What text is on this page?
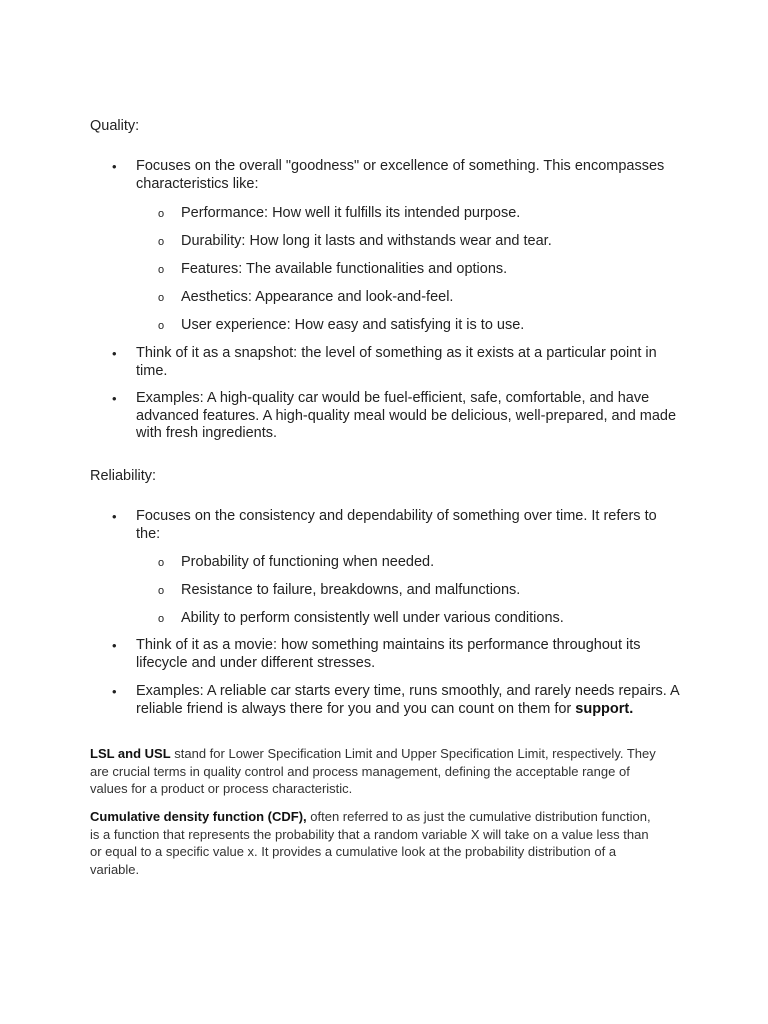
Quality:
• Focuses on the overall "goodness" or excellence of something. This encompasses characteristics like:
o Performance: How well it fulfills its intended purpose.
o Durability: How long it lasts and withstands wear and tear.
o Features: The available functionalities and options.
o Aesthetics: Appearance and look-and-feel.
o User experience: How easy and satisfying it is to use.
• Think of it as a snapshot: the level of something as it exists at a particular point in time.
• Examples: A high-quality car would be fuel-efficient, safe, comfortable, and have advanced features. A high-quality meal would be delicious, well-prepared, and made with fresh ingredients.
Reliability:
• Focuses on the consistency and dependability of something over time. It refers to the:
o Probability of functioning when needed.
o Resistance to failure, breakdowns, and malfunctions.
o Ability to perform consistently well under various conditions.
• Think of it as a movie: how something maintains its performance throughout its lifecycle and under different stresses.
• Examples: A reliable car starts every time, runs smoothly, and rarely needs repairs. A reliable friend is always there for you and you can count on them for support.
LSL and USL stand for Lower Specification Limit and Upper Specification Limit, respectively. They are crucial terms in quality control and process management, defining the acceptable range of values for a product or process characteristic.
Cumulative density function (CDF), often referred to as just the cumulative distribution function, is a function that represents the probability that a random variable X will take on a value less than or equal to a specific value x. It provides a cumulative look at the probability distribution of a variable.
